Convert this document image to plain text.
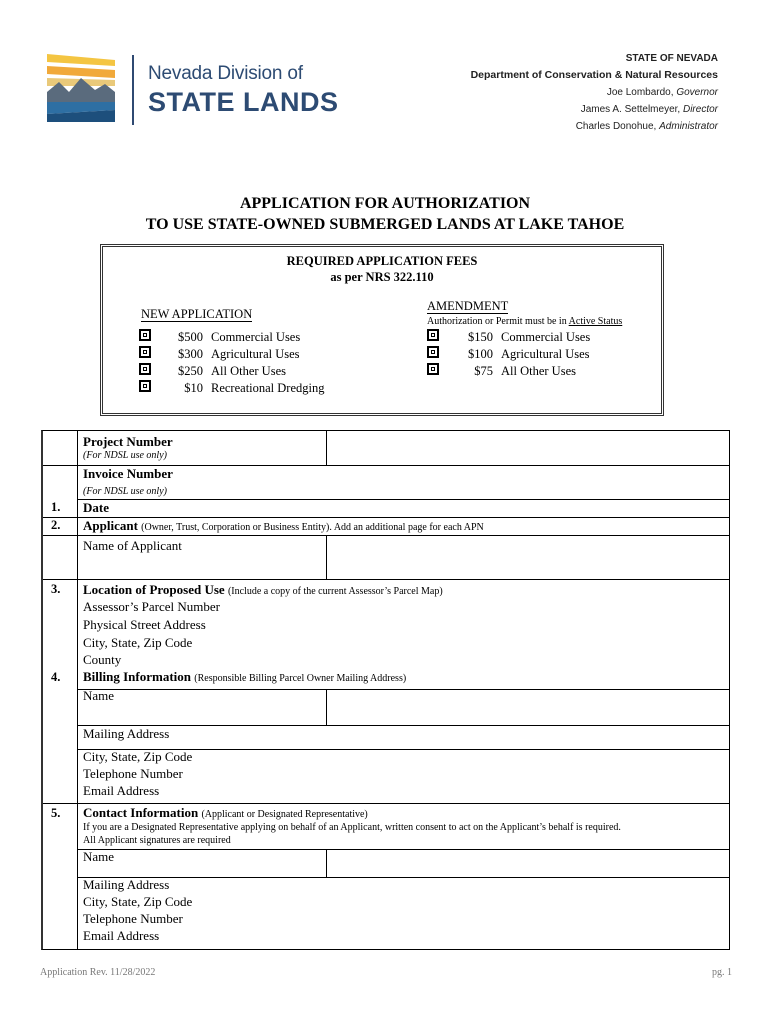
Nevada Division of
STATE LANDS
STATE OF NEVADA
Department of Conservation & Natural Resources
Joe Lombardo, Governor
James A. Settelmeyer, Director
Charles Donohue, Administrator
APPLICATION FOR AUTHORIZATION
TO USE STATE-OWNED SUBMERGED LANDS AT LAKE TAHOE
REQUIRED APPLICATION FEES
as per NRS 322.110
NEW APPLICATION
$500 Commercial Uses
$300 Agricultural Uses
$250 All Other Uses
$10 Recreational Dredging
AMENDMENT
Authorization or Permit must be in Active Status
$150 Commercial Uses
$100 Agricultural Uses
$75 All Other Uses
Project Number
(For NDSL use only)
Invoice Number
(For NDSL use only)
1. Date
2. Applicant (Owner, Trust, Corporation or Business Entity). Add an additional page for each APN
Name of Applicant
3. Location of Proposed Use (Include a copy of the current Assessor’s Parcel Map)
Assessor’s Parcel Number
Physical Street Address
City, State, Zip Code
County
4. Billing Information (Responsible Billing Parcel Owner Mailing Address)
Name
Mailing Address
City, State, Zip Code
Telephone Number
Email Address
5. Contact Information (Applicant or Designated Representative)
If you are a Designated Representative applying on behalf of an Applicant, written consent to act on the Applicant’s behalf is required.
All Applicant signatures are required
Name
Mailing Address
City, State, Zip Code
Telephone Number
Email Address
Application Rev. 11/28/2022	pg. 1
